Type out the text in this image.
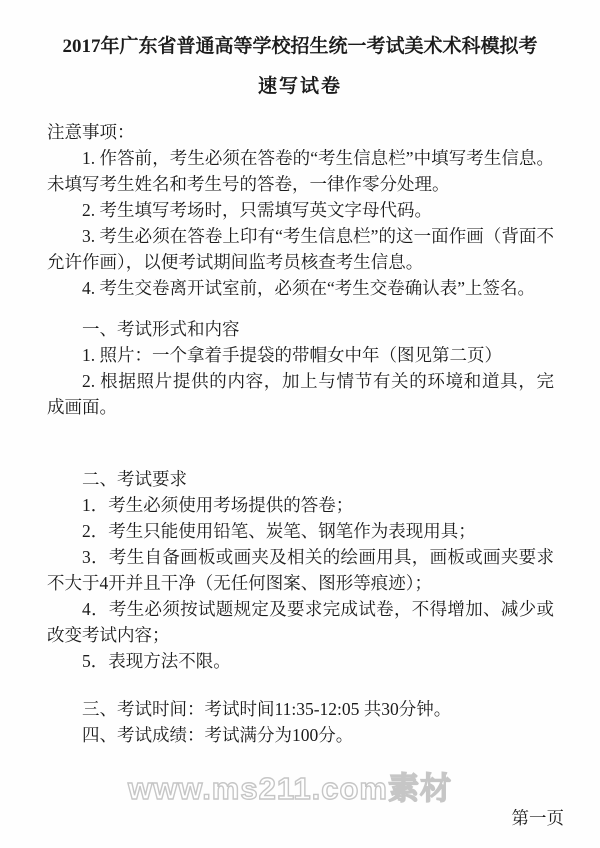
2017年广东省普通高等学校招生统一考试美术术科模拟考
速写试卷

注意事项：

1. 作答前，考生必须在答卷的“考生信息栏”中填写考生信息。未填写考生姓名和考生号的答卷，一律作零分处理。

2. 考生填写考场时，只需填写英文字母代码。

3. 考生必须在答卷上印有“考生信息栏”的这一面作画（背面不允许作画），以便考试期间监考员核查考生信息。

4. 考生交卷离开试室前，必须在“考生交卷确认表”上签名。

一、考试形式和内容

1. 照片：一个拿着手提袋的带帽女中年（图见第二页）

2. 根据照片提供的内容，加上与情节有关的环境和道具，完成画面。

二、考试要求

1．考生必须使用考场提供的答卷；

2．考生只能使用铅笔、炭笔、钢笔作为表现用具；

3．考生自备画板或画夹及相关的绘画用具，画板或画夹要求不大于4开并且干净（无任何图案、图形等痕迹）；

4．考生必须按试题规定及要求完成试卷，不得增加、减少或改变考试内容；

5．表现方法不限。

三、考试时间：考试时间11:35-12:05 共30分钟。

四、考试成绩：考试满分为100分。

www.ms211.com素材
第一页
